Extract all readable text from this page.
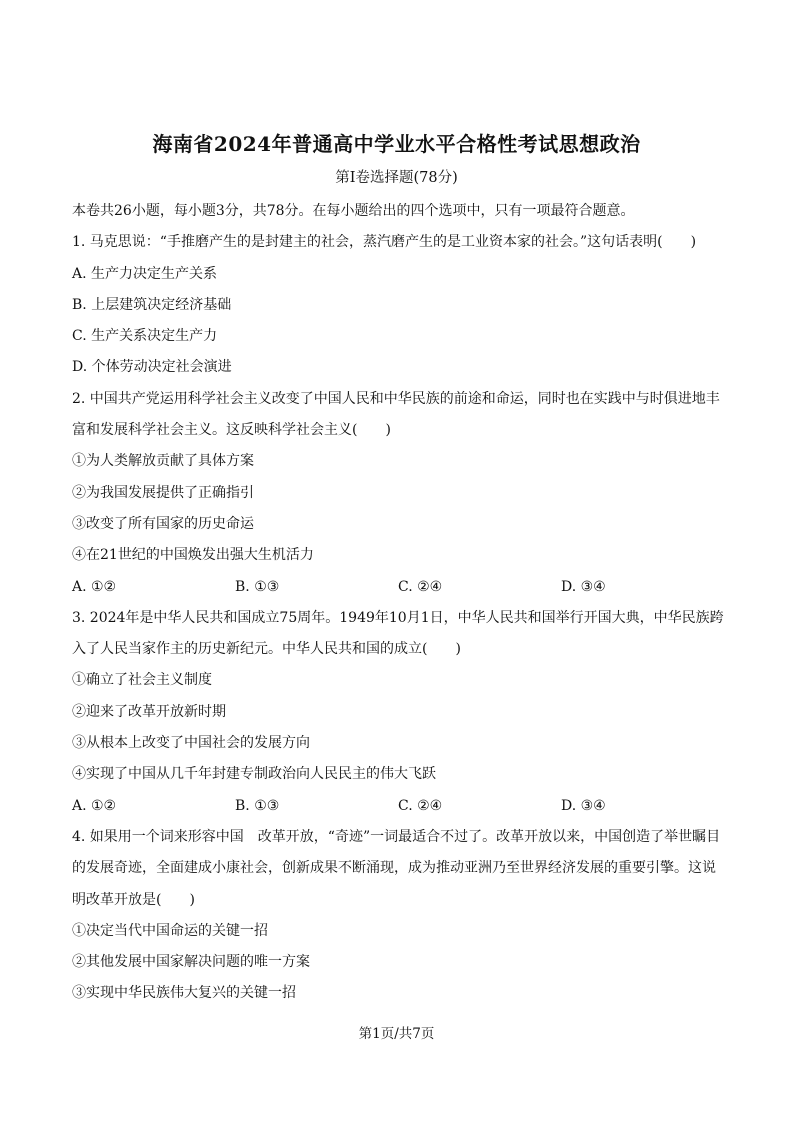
海南省2024年普通高中学业水平合格性考试思想政治
第I卷选择题(78分)
本卷共26小题，每小题3分，共78分。在每小题给出的四个选项中，只有一项最符合题意。
1. 马克思说：“手推磨产生的是封建主的社会，蒸汽磨产生的是工业资本家的社会。”这句话表明(　　)
A. 生产力决定生产关系
B. 上层建筑决定经济基础
C. 生产关系决定生产力
D. 个体劳动决定社会演进
2. 中国共产党运用科学社会主义改变了中国人民和中华民族的前途和命运，同时也在实践中与时俱进地丰
富和发展科学社会主义。这反映科学社会主义(　　)
①为人类解放贡献了具体方案
②为我国发展提供了正确指引
③改变了所有国家的历史命运
④在21世纪的中国焕发出强大生机活力
A. ①②	B. ①③	C. ②④	D. ③④
3. 2024年是中华人民共和国成立75周年。1949年10月1日，中华人民共和国举行开国大典，中华民族跨
入了人民当家作主的历史新纪元。中华人民共和国的成立(　　)
①确立了社会主义制度
②迎来了改革开放新时期
③从根本上改变了中国社会的发展方向
④实现了中国从几千年封建专制政治向人民民主的伟大飞跃
A. ①②	B. ①③	C. ②④	D. ③④
4. 如果用一个词来形容中国　改革开放，“奇迹”一词最适合不过了。改革开放以来，中国创造了举世瞩目
的发展奇迹，全面建成小康社会，创新成果不断涌现，成为推动亚洲乃至世界经济发展的重要引擎。这说
明改革开放是(　　)
①决定当代中国命运的关键一招
②其他发展中国家解决问题的唯一方案
③实现中华民族伟大复兴的关键一招
第1页/共7页
